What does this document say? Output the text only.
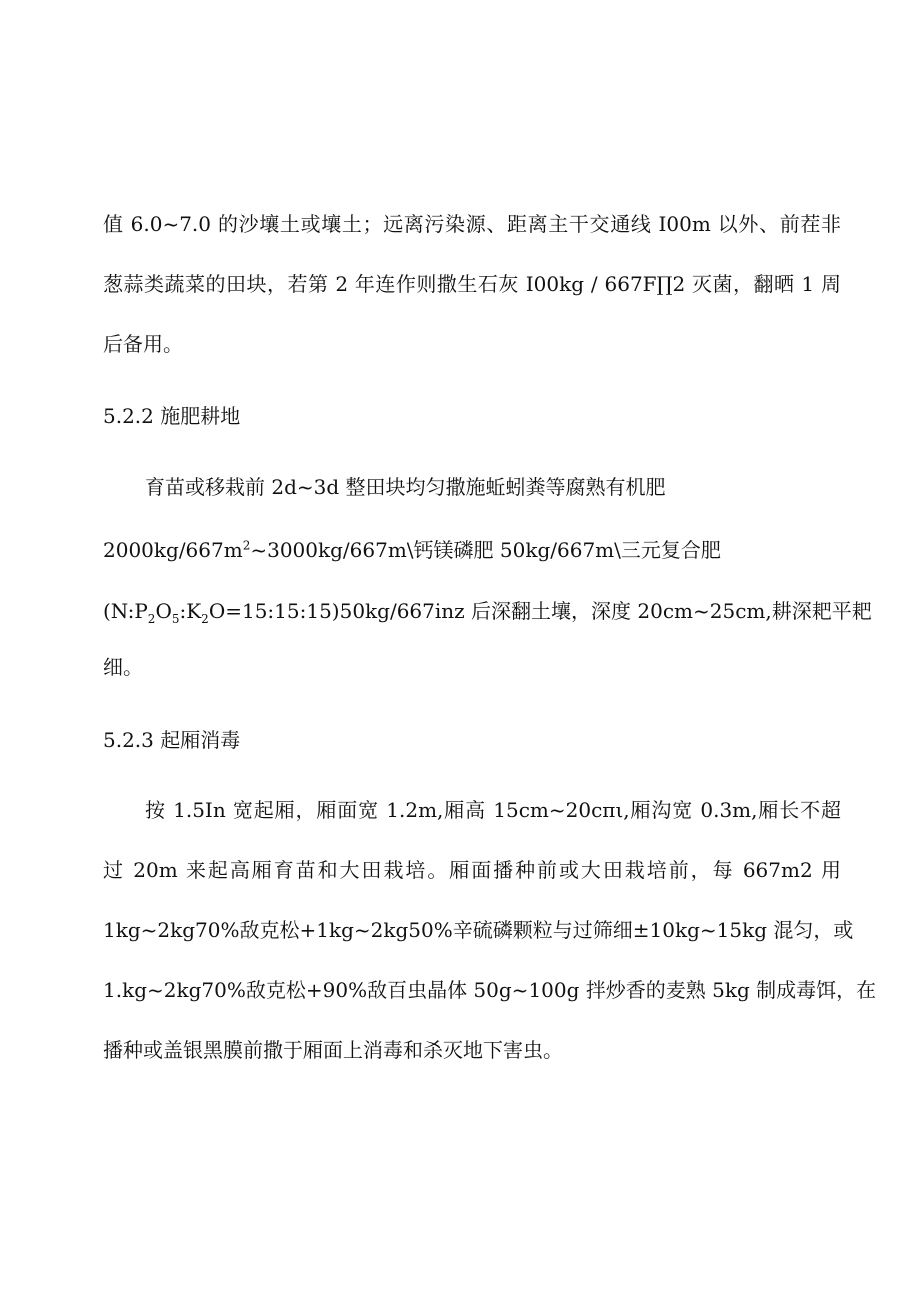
值 6.0~7.0 的沙壤土或壤土；远离污染源、距离主干交通线 I00m 以外、前茬非
葱蒜类蔬菜的田块，若第 2 年连作则撒生石灰 I00kg / 667F∏2 灭菌，翻晒 1 周
后备用。
5.2.2 施肥耕地
育苗或移栽前 2d~3d 整田块均匀撒施蚯蚓粪等腐熟有机肥
$2000kg/667m^2\sim 3000kg/667m\backslash$钙镁磷肥 50kg/667m\三元复合肥
$(N:P_2O_5:K_2O=15:15:15)50kg/667inz$ 后深翻土壤，深度 20cm~25cm,耕深耙平耙
细。
5.2.3 起厢消毒
按 1.5In 宽起厢，厢面宽 1.2m,厢高 15cm~20cπι,厢沟宽 0.3m,厢长不超
过 20m 来起高厢育苗和大田栽培。厢面播种前或大田栽培前，每 667m2 用
1kg~2kg70%敌克松+1kg~2kg50%辛硫磷颗粒与过筛细±10kg~15kg 混匀，或
1.kg~2kg70%敌克松+90%敌百虫晶体 50g~100g 拌炒香的麦熟 5kg 制成毒饵，在
播种或盖银黑膜前撒于厢面上消毒和杀灭地下害虫。
